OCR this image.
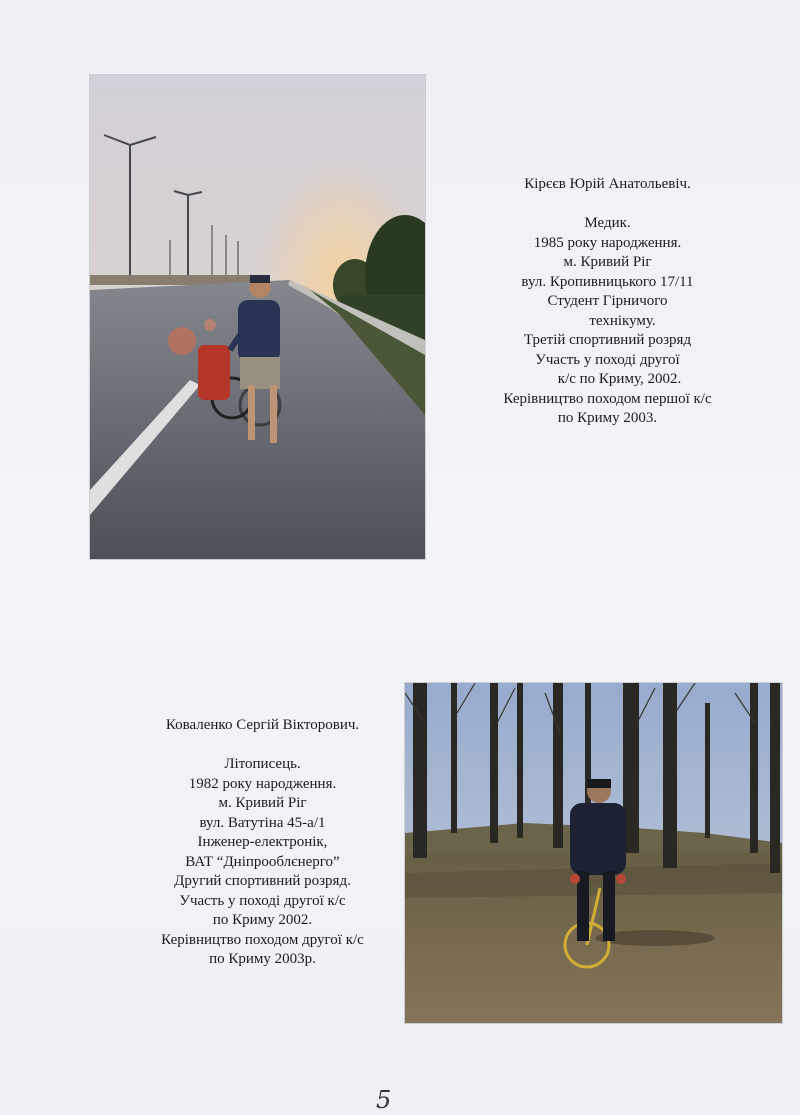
Кірєєв Юрій Анатольевіч.
Медик.
1985 року народження.
м. Кривий Ріг
вул. Кропивницького 17/11
Студент Гірничого
технікуму.
Третій спортивний розряд
Участь у поході другої
к/с по Криму, 2002.
Керівництво походом першої к/с
по Криму 2003.
Коваленко Сергій Вікторович.
Літописець.
1982 року народження.
м. Кривий Ріг
вул. Ватутіна 45-а/1
Інженер-електронік,
ВАТ “Дніпрооблєнерго”
Другий спортивний розряд.
Участь у поході другої к/с
по Криму 2002.
Керівництво походом другої к/с
по Криму 2003р.
5
